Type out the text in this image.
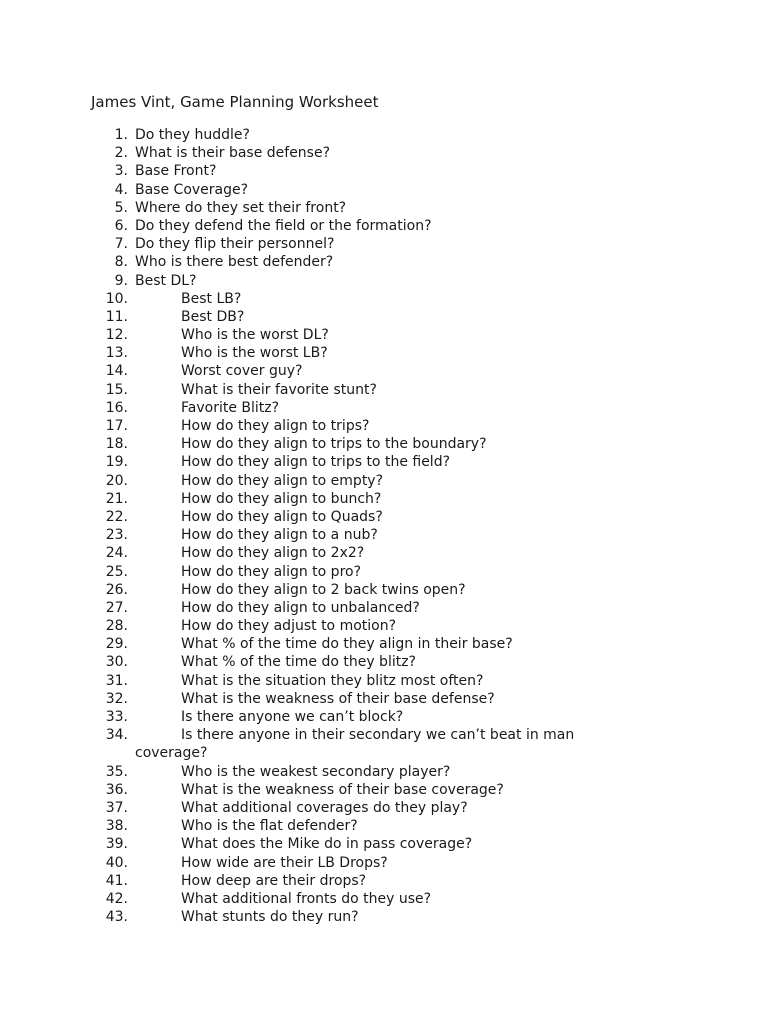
James Vint, Game Planning Worksheet
1. Do they huddle?
2. What is their base defense?
3. Base Front?
4. Base Coverage?
5. Where do they set their front?
6. Do they defend the field or the formation?
7. Do they flip their personnel?
8. Who is there best defender?
9. Best DL?
10.	Best LB?
11.	Best DB?
12.	Who is the worst DL?
13.	Who is the worst LB?
14.	Worst cover guy?
15.	What is their favorite stunt?
16.	Favorite Blitz?
17.	How do they align to trips?
18.	How do they align to trips to the boundary?
19.	How do they align to trips to the field?
20.	How do they align to empty?
21.	How do they align to bunch?
22.	How do they align to Quads?
23.	How do they align to a nub?
24.	How do they align to 2x2?
25.	How do they align to pro?
26.	How do they align to 2 back twins open?
27.	How do they align to unbalanced?
28.	How do they adjust to motion?
29.	What % of the time do they align in their base?
30.	What % of the time do they blitz?
31.	What is the situation they blitz most often?
32.	What is the weakness of their base defense?
33.	Is there anyone we can’t block?
34.	Is there anyone in their secondary we can’t beat in man
coverage?
35.	Who is the weakest secondary player?
36.	What is the weakness of their base coverage?
37.	What additional coverages do they play?
38.	Who is the flat defender?
39.	What does the Mike do in pass coverage?
40.	How wide are their LB Drops?
41.	How deep are their drops?
42.	What additional fronts do they use?
43.	What stunts do they run?
